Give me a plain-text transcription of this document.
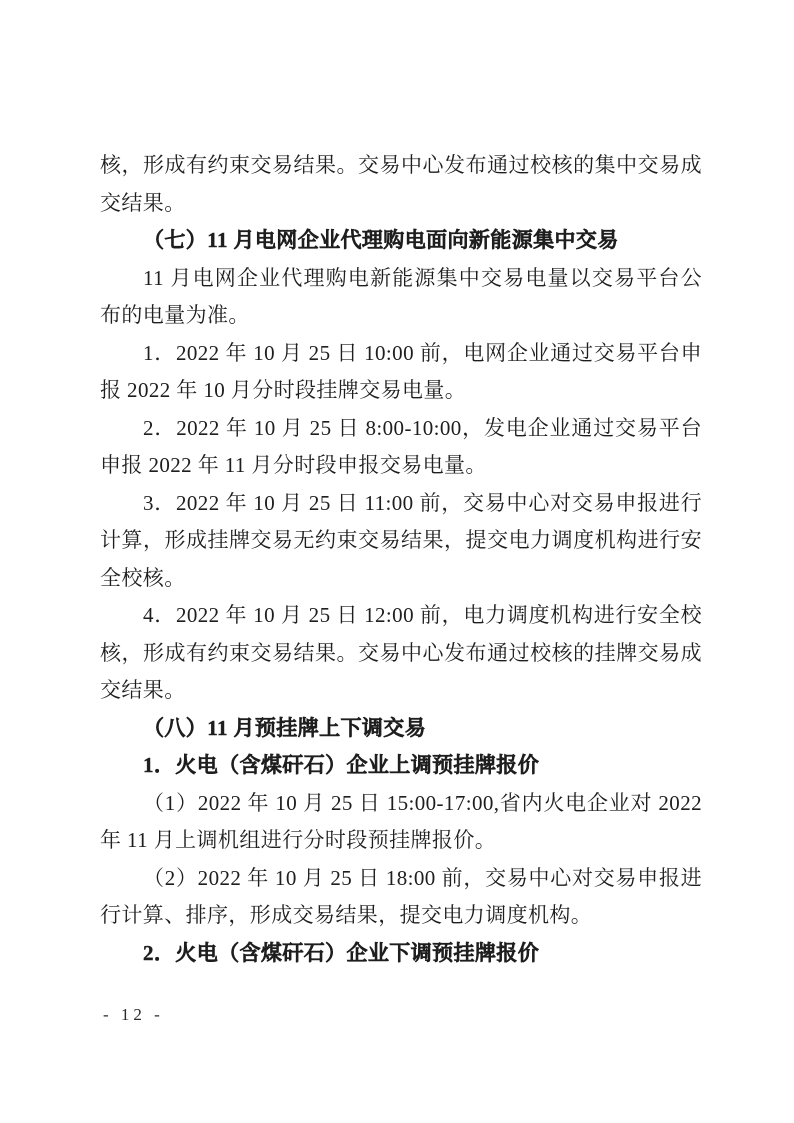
核，形成有约束交易结果。交易中心发布通过校核的集中交易成交结果。

（七）11 月电网企业代理购电面向新能源集中交易

11 月电网企业代理购电新能源集中交易电量以交易平台公布的电量为准。

1．2022 年 10 月 25 日 10:00 前，电网企业通过交易平台申报 2022 年 10 月分时段挂牌交易电量。

2．2022 年 10 月 25 日 8:00-10:00，发电企业通过交易平台申报 2022 年 11 月分时段申报交易电量。

3．2022 年 10 月 25 日 11:00 前，交易中心对交易申报进行计算，形成挂牌交易无约束交易结果，提交电力调度机构进行安全校核。

4．2022 年 10 月 25 日 12:00 前，电力调度机构进行安全校核，形成有约束交易结果。交易中心发布通过校核的挂牌交易成交结果。

（八）11 月预挂牌上下调交易

1．火电（含煤矸石）企业上调预挂牌报价

（1）2022 年 10 月 25 日 15:00-17:00,省内火电企业对 2022 年 11 月上调机组进行分时段预挂牌报价。

（2）2022 年 10 月 25 日 18:00 前，交易中心对交易申报进行计算、排序，形成交易结果，提交电力调度机构。

2．火电（含煤矸石）企业下调预挂牌报价

- 12 -
